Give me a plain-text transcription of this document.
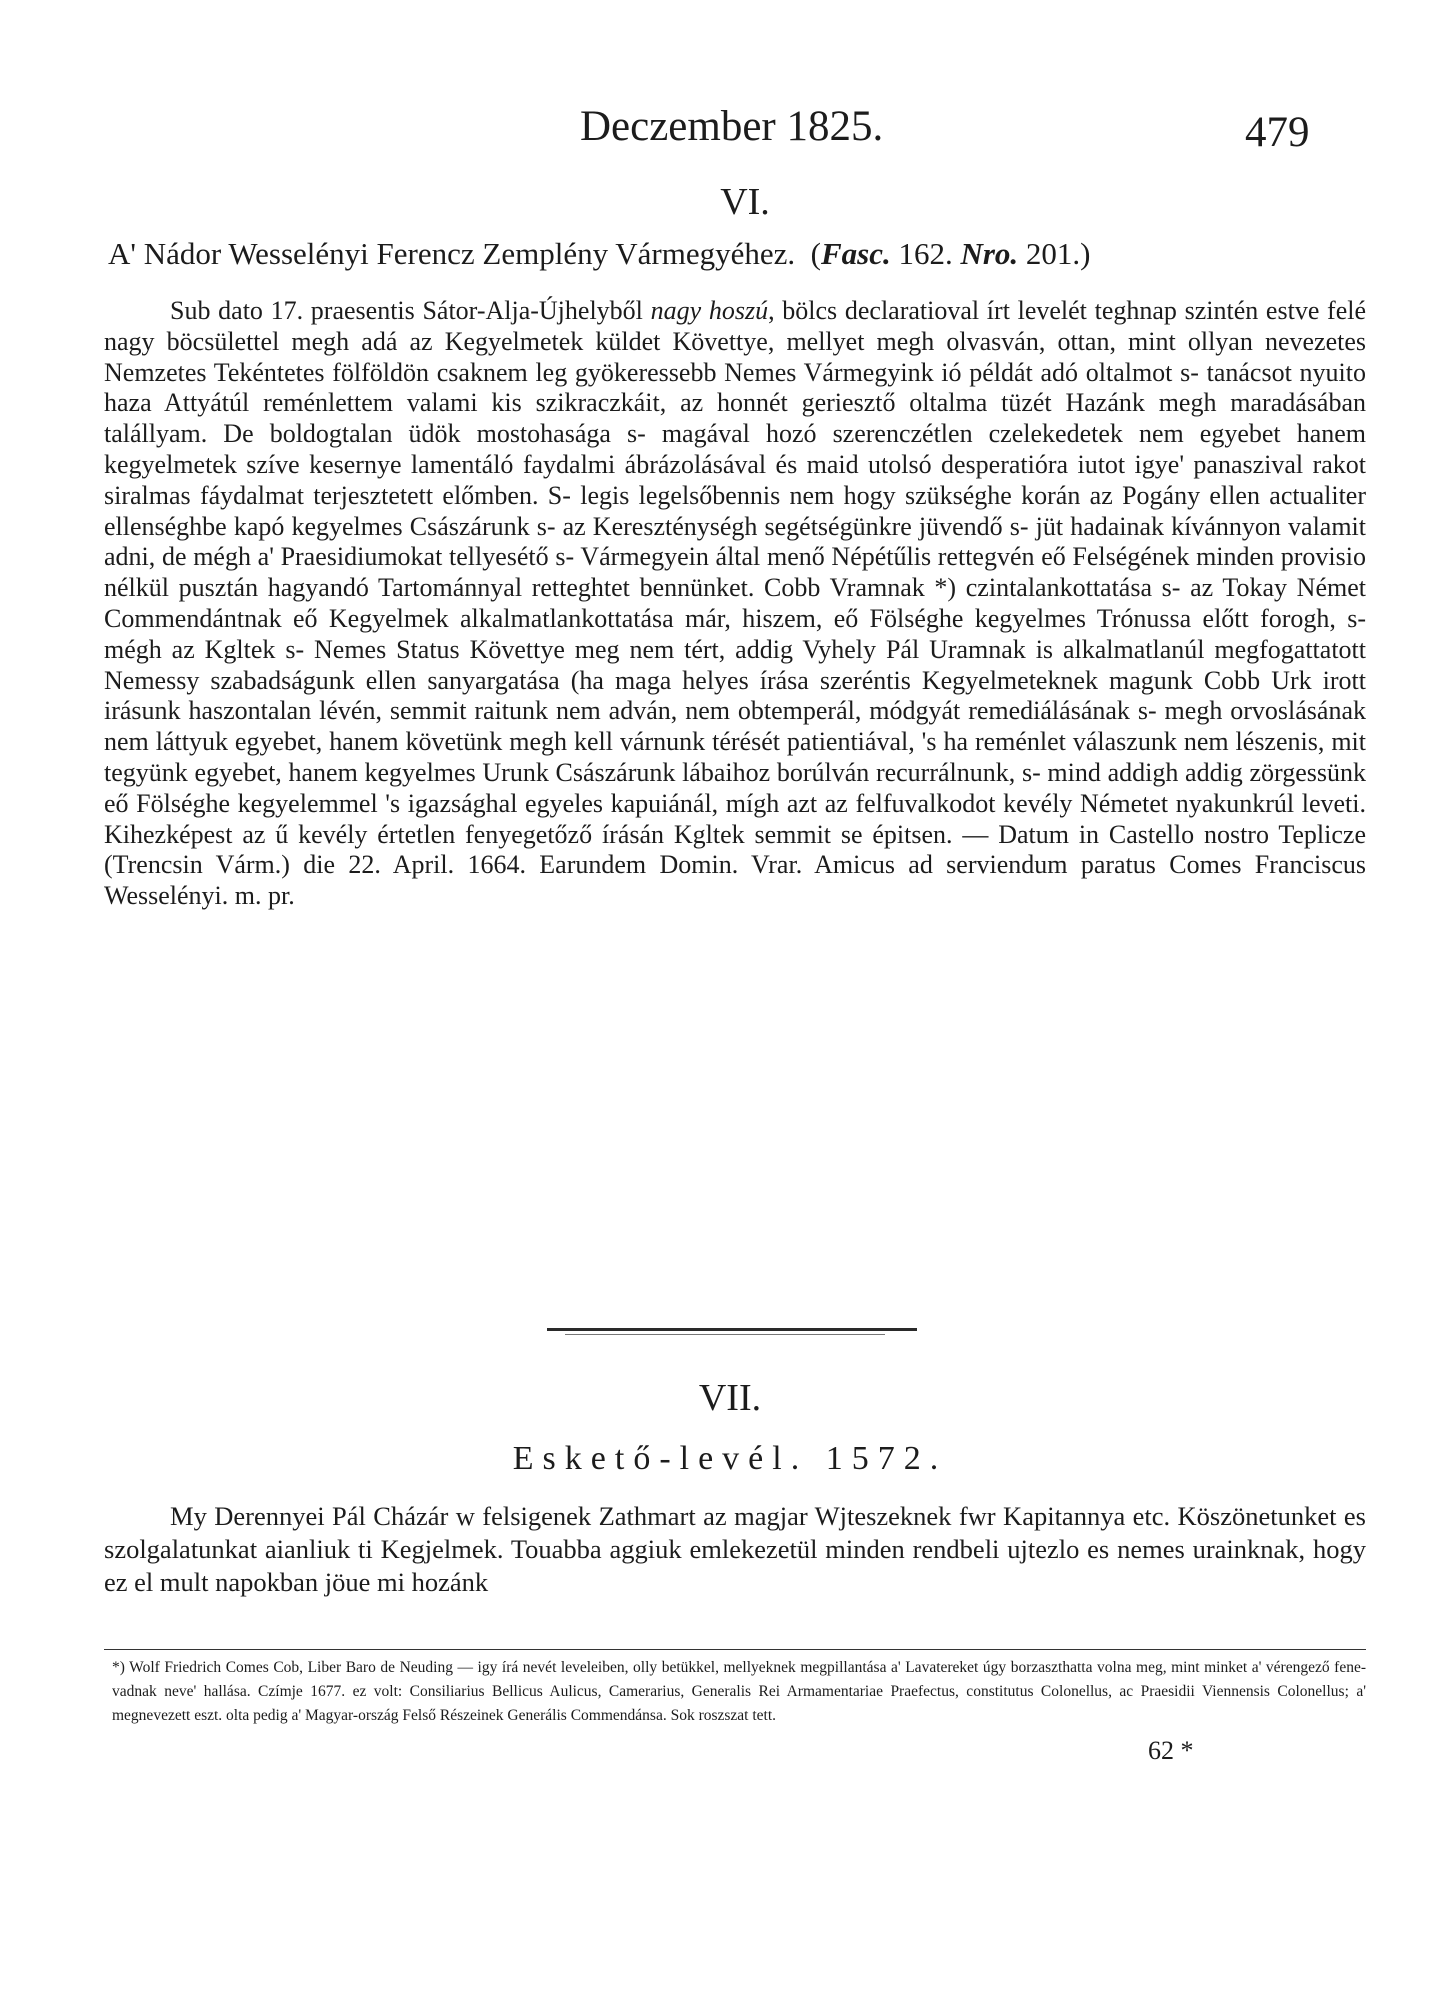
Deczember 1825.	479
VI.
A' Nádor Wesselényi Ferencz Zemplény Vármegyéhez. (Fasc. 162. Nro. 201.)

Sub dato 17. praesentis Sátor-Alja-Újhelyből nagy hoszú, bölcs declaratioval írt levelét teghnap szintén estve felé nagy böcsülettel megh adá az Kegyelmetek küldet Követtye, mellyet megh olvasván, ottan, mint ollyan nevezetes Nemzetes Tekéntetes fölföldön csaknem leg gyökeressebb Nemes Vármegyink ió példát adó oltalmot s- tanácsot nyuito haza Attyátúl reménlettem valami kis szikraczkáit, az honnét geriesztő oltalma tüzét Hazánk megh maradásában talállyam. De boldogtalan üdök mostohasága s- magával hozó szerenczétlen czelekedetek nem egyebet hanem kegyelmetek szíve kesernye lamentáló faydalmi ábrázolásával és maid utolsó desperatióra iutot igye' panaszival rakot siralmas fáydalmat terjesztetett előmben. S- legis legelsőbennis nem hogy szükséghe korán az Pogány ellen actualiter ellenséghbe kapó kegyelmes Császárunk s- az Kereszténységh segétségünkre jüvendő s- jüt hadainak kívánnyon valamit adni, de mégh a' Praesidiumokat tellyesétő s- Vármegyein által menő Népétűlis rettegvén eő Felségének minden provisio nélkül pusztán hagyandó Tartománnyal retteghtet bennünket. Cobb Vramnak *) czintalankottatása s- az Tokay Német Commendántnak eő Kegyelmek alkalmatlankottatása már, hiszem, eő Fölséghe kegyelmes Trónussa előtt forogh, s- mégh az Kgltek s- Nemes Status Követtye meg nem tért, addig Vyhely Pál Uramnak is alkalmatlanúl megfogattatott Nemessy szabadságunk ellen sanyargatása (ha maga helyes írása szeréntis Kegyelmeteknek magunk Cobb Urk irott irásunk haszontalan lévén, semmit raitunk nem adván, nem obtemperál, módgyát remediálásának s- megh orvoslásának nem láttyuk egyebet, hanem követünk megh kell várnunk térését patientiával, 's ha reménlet válaszunk nem lészenis, mit tegyünk egyebet, hanem kegyelmes Urunk Császárunk lábaihoz borúlván recurrálnunk, s- mind addigh addig zörgessünk eő Fölséghe kegyelemmel 's igazsághal egyeles kapuiánál, mígh azt az felfuvalkodot kevély Németet nyakunkrúl leveti. Kihezképest az ű kevély értetlen fenyegetőző írásán Kgltek semmit se épitsen. — Datum in Castello nostro Teplicze (Trencsin Várm.) die 22. April. 1664. Earundem Domin. Vrar. Amicus ad serviendum paratus Comes Franciscus Wesselényi. m. pr.

VII.
Eskető-levél. 1572.

My Derennyei Pál Cházár w felsigenek Zathmart az magjar Wjteszeknek fwr Kapitannya etc. Köszönetunket es szolgalatunkat aianliuk ti Kegjelmek. Touabba aggiuk emlekezetül minden rendbeli ujtezlo es nemes urainknak, hogy ez el mult napokban jöue mi hozánk

*) Wolf Friedrich Comes Cob, Liber Baro de Neuding — igy írá nevét leveleiben, olly betükkel, mellyeknek megpillantása a' Lavatereket úgy borzaszthatta volna meg, mint minket a' vérengező fene-vadnak neve' hallása. Czímje 1677. ez volt: Consiliarius Bellicus Aulicus, Camerarius, Generalis Rei Armamentariae Praefectus, constitutus Colonellus, ac Praesidii Viennensis Colonellus; a' megnevezett eszt. olta pedig a' Magyar-ország Felső Részeinek Generális Commendánsa. Sok roszszat tett.

62 *
